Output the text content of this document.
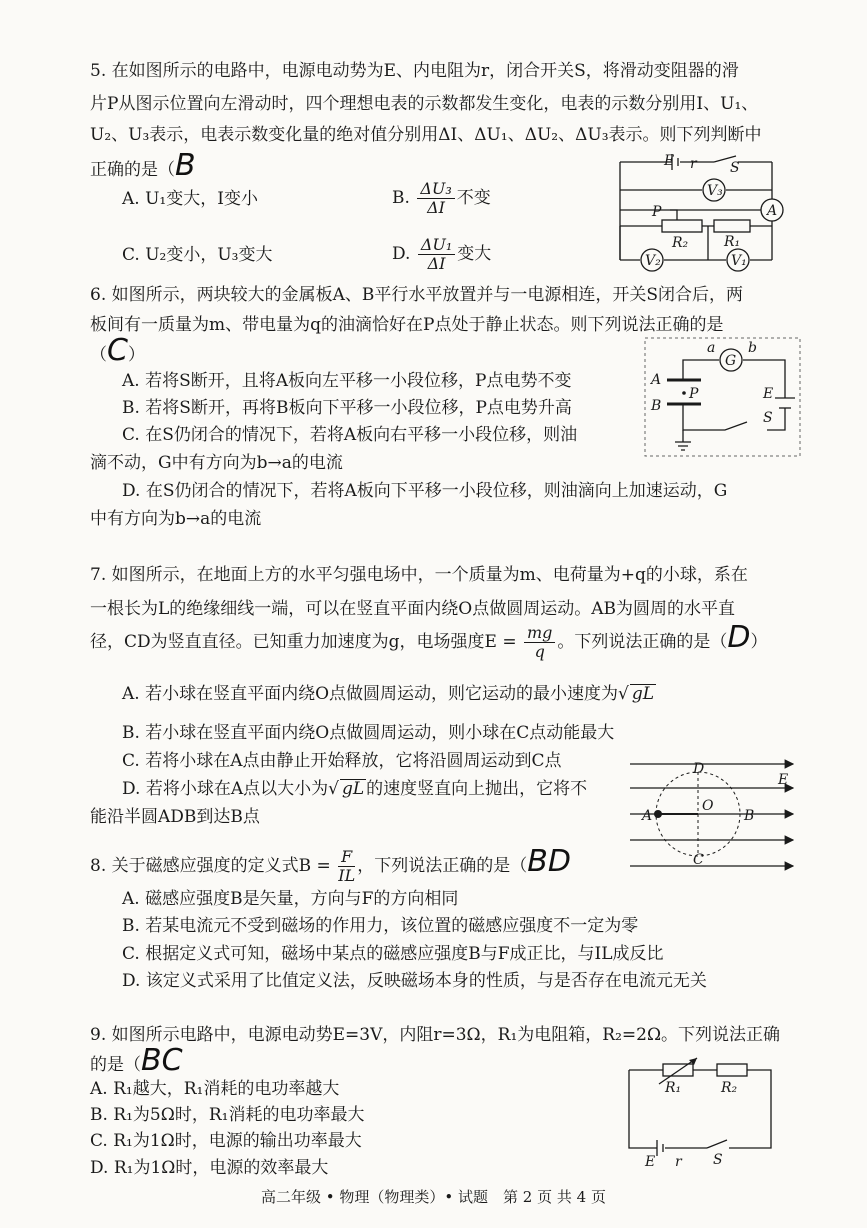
5. 在如图所示的电路中，电源电动势为E、内电阻为r，闭合开关S，将滑动变阻器的滑
片P从图示位置向左滑动时，四个理想电表的示数都发生变化，电表的示数分别用I、U₁、
U₂、U₃表示，电表示数变化量的绝对值分别用ΔI、ΔU₁、ΔU₂、ΔU₃表示。则下列判断中
正确的是（B
A. U₁变大，I变小	B. $\frac{\text{ΔU₃}}{\Delta I}$ 不变
C. U₂变小，U₃变大	D. $\frac{\text{ΔU₁}}{\Delta I}$ 变大
E r S
V₃
A
P
R₂	R₁
V₂	V₁
6. 如图所示，两块较大的金属板A、B平行水平放置并与一电源相连，开关S闭合后，两
板间有一质量为m、带电量为q的油滴恰好在P点处于静止状态。则下列说法正确的是
（C）
A. 若将S断开，且将A板向左平移一小段位移，P点电势不变
B. 若将S断开，再将B板向下平移一小段位移，P点电势升高
C. 在S仍闭合的情况下，若将A板向右平移一小段位移，则油
滴不动，G中有方向为b→a的电流
D. 在S仍闭合的情况下，若将A板向下平移一小段位移，则油滴向上加速运动，G
中有方向为b→a的电流
a
G
b
A
B
P	E
S
7. 如图所示，在地面上方的水平匀强电场中，一个质量为m、电荷量为+q的小球，系在
一根长为L的绝缘细线一端，可以在竖直平面内绕O点做圆周运动。AB为圆周的水平直
径，CD为竖直直径。已知重力加速度为g，电场强度$E = \frac{mg}{q}$ 。下列说法正确的是（D）
A. 若小球在竖直平面内绕O点做圆周运动，则它运动的最小速度为√ gL
B. 若小球在竖直平面内绕O点做圆周运动，则小球在C点动能最大
C. 若将小球在A点由静止开始释放，它将沿圆周运动到C点
D. 若将小球在A点以大小为√ gL 的速度竖直向上抛出，它将不
能沿半圆ADB到达B点
D
E
A
O
B
C
8. 关于磁感应强度的定义式$B = \frac{F}{IL}$ ，下列说法正确的是（BD
A. 磁感应强度B是矢量，方向与F的方向相同
B. 若某电流元不受到磁场的作用力，该位置的磁感应强度不一定为零
C. 根据定义式可知，磁场中某点的磁感应强度B与F成正比，与IL成反比
D. 该定义式采用了比值定义法，反映磁场本身的性质，与是否存在电流元无关
9. 如图所示电路中，电源电动势E=3V，内阻r=3Ω，R₁为电阻箱，R₂=2Ω。下列说法正确
的是（BC
A. R₁越大，R₁消耗的电功率越大
B. R₁为5Ω时，R₁消耗的电功率最大
C. R₁为1Ω时，电源的输出功率最大
D. R₁为1Ω时，电源的效率最大
R₁	R₂
E r S
高二年级 • 物理（物理类）• 试题　第 2 页 共 4 页
